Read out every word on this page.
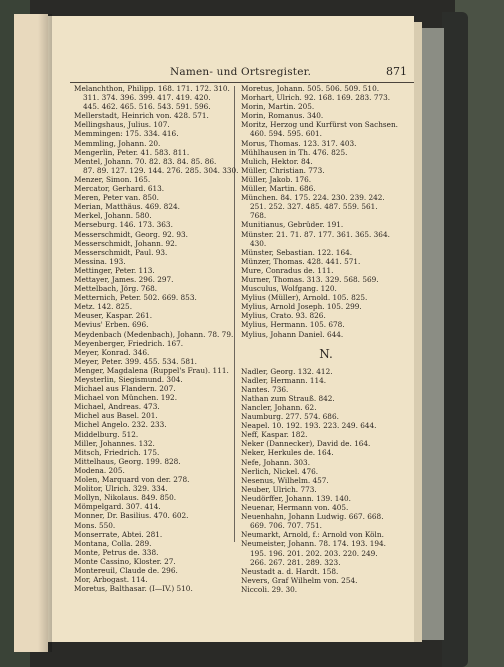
Namen- und Ortsregister.	871
Melanchthon, Philipp. 168. 171. 172. 310.
311. 374. 396. 399. 417. 419. 420.
445. 462. 465. 516. 543. 591. 596.
Mellerstadt, Heinrich von. 428. 571.
Mellingshaus, Julius. 107.
Memmingen: 175. 334. 416.
Memmling, Johann. 20.
Mengerlin, Peter. 41. 583. 811.
Mentel, Johann. 70. 82. 83. 84. 85. 86.
87. 89. 127. 129. 144. 276. 285. 304. 330.
Menzer, Simon. 165.
Mercator, Gerhard. 613.
Meren, Peter van. 850.
Merian, Matthäus. 469. 824.
Merkel, Johann. 580.
Merseburg. 146. 173. 363.
Messerschmidt, Georg. 92. 93.
Messerschmidt, Johann. 92.
Messerschmidt, Paul. 93.
Messina. 193.
Mettinger, Peter. 113.
Mettayer, James. 296. 297.
Mettelbach, Jörg. 768.
Metternich, Peter. 502. 669. 853.
Metz. 142. 825.
Meuser, Kaspar. 261.
Mevius' Erben. 696.
Meydenbach (Medenbach), Johann. 78. 79.
Meyenberger, Friedrich. 167.
Meyer, Konrad. 346.
Meyer, Peter. 399. 455. 534. 581.
Menger, Magdalena (Ruppel's Frau). 111.
Meysterlin, Siegismund. 304.
Michael aus Flandern. 207.
Michael von München. 192.
Michael, Andreas. 473.
Michel aus Basel. 201.
Michel Angelo. 232. 233.
Middelburg. 512.
Miller, Johannes. 132.
Mitsch, Friedrich. 175.
Mittelhaus, Georg. 199. 828.
Modena. 205.
Molen, Marquard von der. 278.
Molitor, Ulrich. 329. 334.
Mollyn, Nikolaus. 849. 850.
Mömpelgard. 307. 414.
Monner, Dr. Basilius. 470. 602.
Mons. 550.
Monserrate, Abtei. 281.
Montana, Colla. 289.
Monte, Petrus de. 338.
Monte Cassino, Kloster. 27.
Montereuil, Claude de. 296.
Mor, Arbogast. 114.
Moretus, Balthasar. (I—IV.) 510.
Moretus, Johann. 505. 506. 509. 510.
Morhart, Ulrich. 92. 168. 169. 283. 773.
Morin, Martin. 205.
Morin, Romanus. 340.
Moritz, Herzog und Kurfürst von Sachsen.
460. 594. 595. 601.
Morus, Thomas. 123. 317. 403.
Mühlhausen in Th. 476. 825.
Mulich, Hektor. 84.
Müller, Christian. 773.
Müller, Jakob. 176.
Müller, Martin. 686.
München. 84. 175. 224. 230. 239. 242.
251. 252. 327. 485. 487. 559. 561.
768.
Munitianus, Gebrüder. 191.
Münster. 21. 71. 87. 177. 361. 365. 364.
430.
Münster, Sebastian. 122. 164.
Münzer, Thomas. 428. 441. 571.
Mure, Conradus de. 111.
Murner, Thomas. 313. 329. 568. 569.
Musculus, Wolfgang. 120.
Mylius (Müller), Arnold. 105. 825.
Mylius, Arnold Joseph. 105. 299.
Mylius, Crato. 93. 826.
Mylius, Hermann. 105. 678.
Mylius, Johann Daniel. 644.
N.
Nadler, Georg. 132. 412.
Nadler, Hermann. 114.
Nantes. 736.
Nathan zum Strauß. 842.
Nancler, Johann. 62.
Naumburg. 277. 574. 686.
Neapel. 10. 192. 193. 223. 249. 644.
Neff, Kaspar. 182.
Neker (Dannecker), David de. 164.
Neker, Herkules de. 164.
Nefe, Johann. 303.
Nerlich, Nickel. 476.
Nesenus, Wilhelm. 457.
Neuber, Ulrich. 773.
Neudörffer, Johann. 139. 140.
Neuenar, Hermann von. 405.
Neuenhahn, Johann Ludwig. 667. 668.
669. 706. 707. 751.
Neumarkt, Arnold, f.: Arnold von Köln.
Neumeister, Johann. 78. 174. 193. 194.
195. 196. 201. 202. 203. 220. 249.
266. 267. 281. 289. 323.
Neustadt a. d. Hardt. 158.
Nevers, Graf Wilhelm von. 254.
Niccoli. 29. 30.
